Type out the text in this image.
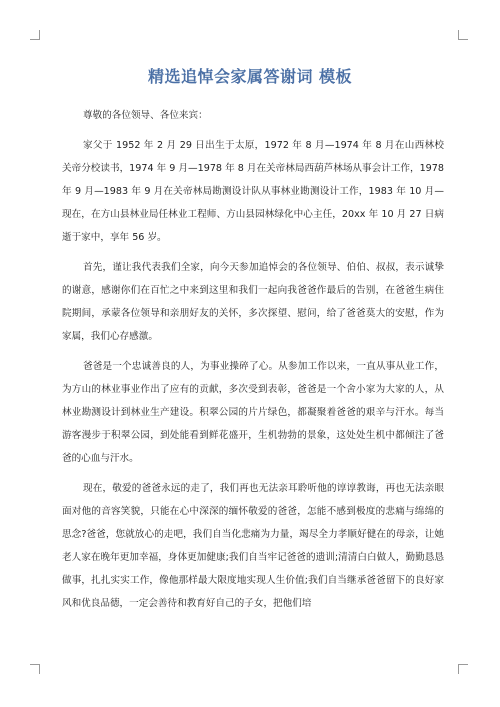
精选追悼会家属答谢词 模板

尊敬的各位领导、各位来宾：

家父于 1952 年 2 月 29 日出生于太原，1972 年 8 月—1974 年 8 月在山西林校关帝分校读书，1974 年 9 月—1978 年 8 月在关帝林局西葫芦林场从事会计工作，1978 年 9 月—1983 年 9 月在关帝林局勘测设计队从事林业勘测设计工作，1983 年 10 月—现在，在方山县林业局任林业工程师、方山县园林绿化中心主任，20xx 年 10 月 27 日病逝于家中，享年 56 岁。

首先，谨让我代表我们全家，向今天参加追悼会的各位领导、伯伯、叔叔，表示诚挚的谢意，感谢你们在百忙之中来到这里和我们一起向我爸爸作最后的告别，在爸爸生病住院期间，承蒙各位领导和亲朋好友的关怀，多次探望、慰问，给了爸爸莫大的安慰，作为家属，我们心存感激。

爸爸是一个忠诚善良的人，为事业操碎了心。从参加工作以来，一直从事从业工作，为方山的林业事业作出了应有的贡献，多次受到表彰，爸爸是一个舍小家为大家的人，从林业勘测设计到林业生产建设。积翠公园的片片绿色，都凝聚着爸爸的艰辛与汗水。每当游客漫步于积翠公园，到处能看到鲜花盛开，生机勃勃的景象，这处处生机中都倾注了爸爸的心血与汗水。

现在，敬爱的爸爸永远的走了，我们再也无法亲耳聆听他的谆谆教诲，再也无法亲眼面对他的音容笑貌，只能在心中深深的缅怀敬爱的爸爸，怎能不感到极度的悲痛与绵绵的思念?爸爸，您就放心的走吧，我们自当化悲痛为力量，竭尽全力孝顺好健在的母亲，让她老人家在晚年更加幸福，身体更加健康;我们自当牢记爸爸的遗训;清清白白做人，勤勤恳恳做事，扎扎实实工作，像他那样最大限度地实现人生价值;我们自当继承爸爸留下的良好家风和优良品德，一定会善待和教育好自己的子女，把他们培
